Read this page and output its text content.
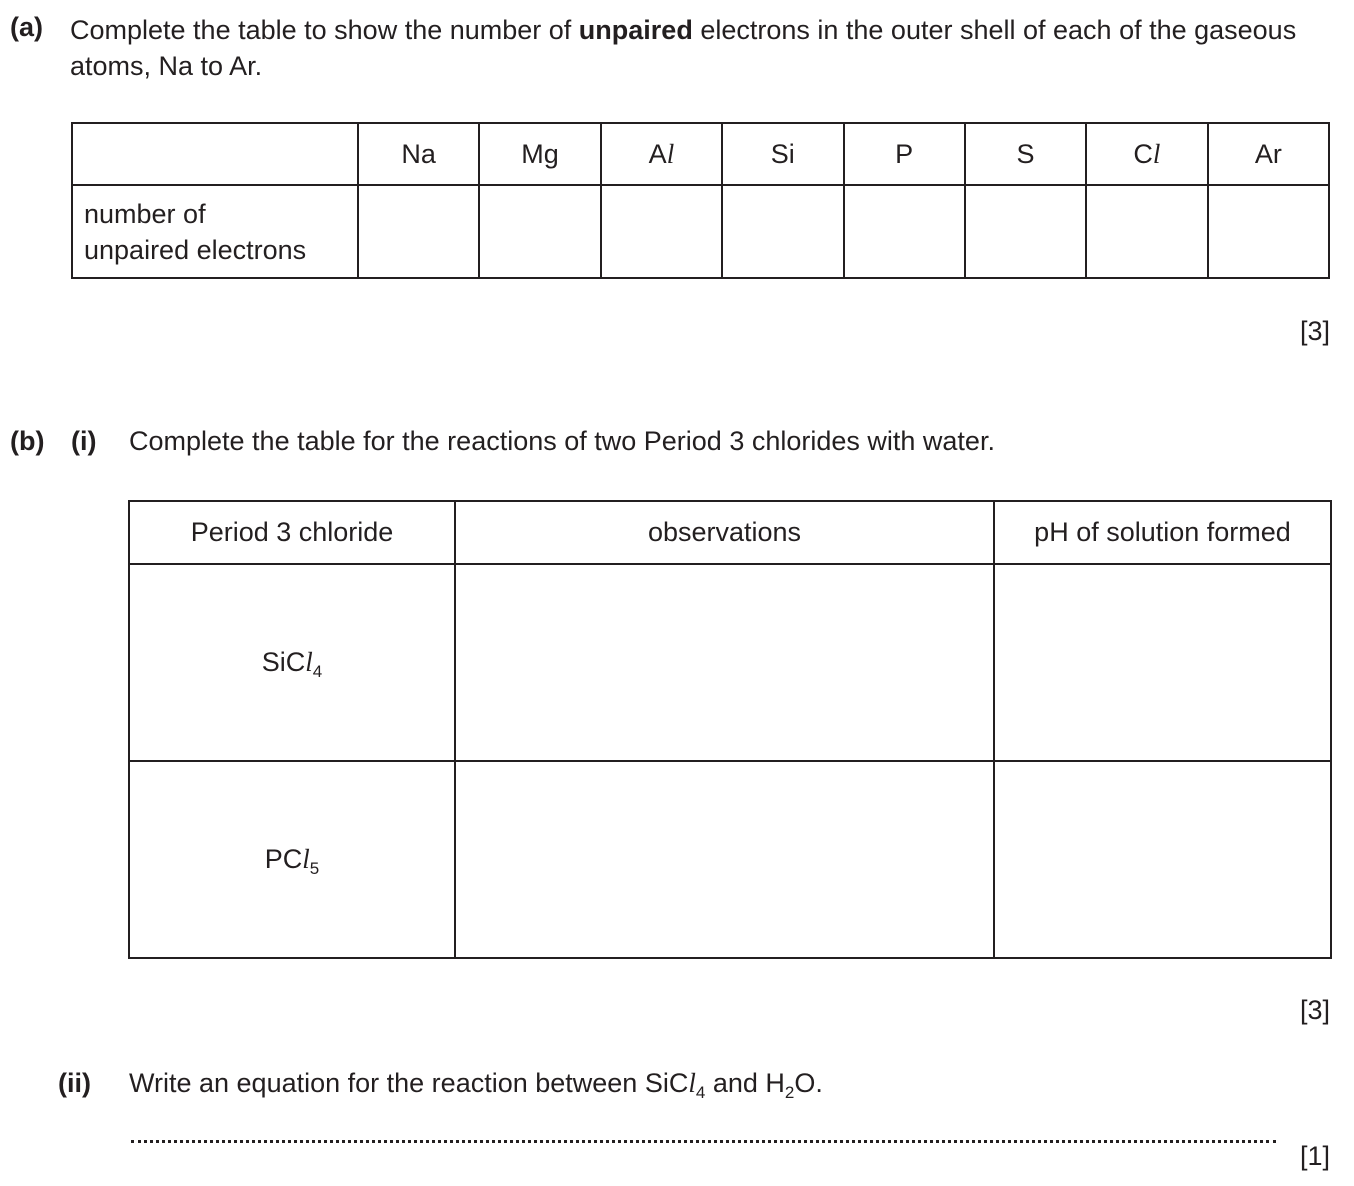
(a) Complete the table to show the number of unpaired electrons in the outer shell of each of the gaseous atoms, Na to Ar.
	Na	Mg	Al	Si	P	S	Cl	Ar
number of
unpaired electrons								
[3]
(b) (i) Complete the table for the reactions of two Period 3 chlorides with water.
Period 3 chloride	observations	pH of solution formed
SiCl$_4$		
PCl$_5$		
[3]
(ii) Write an equation for the reaction between SiCl$_4$ and $H_2O$.
[1]
